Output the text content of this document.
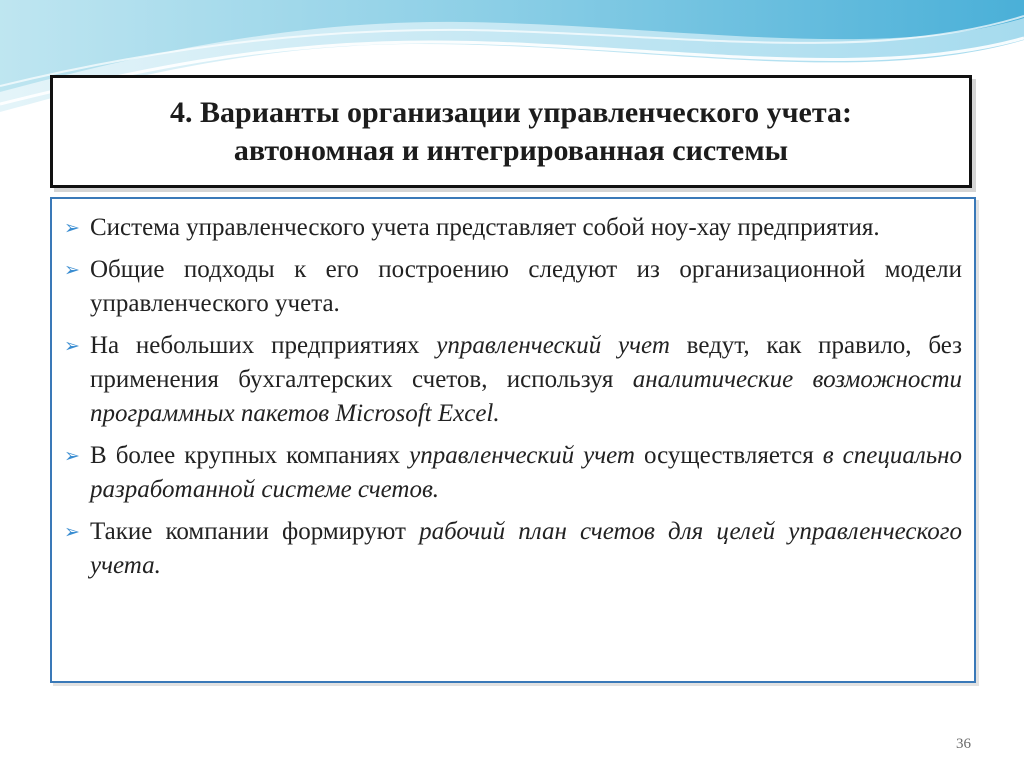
4. Варианты организации управленческого учета:
автономная и интегрированная системы
➢ Система управленческого учета представляет собой ноу-хау предприятия.
➢ Общие подходы к его построению следуют из организационной модели управленческого учета.
➢ На небольших предприятиях управленческий учет ведут, как правило, без применения бухгалтерских счетов, используя аналитические возможности программных пакетов Microsoft Excel.
➢ В более крупных компаниях управленческий учет осуществляется в специально разработанной системе счетов.
➢ Такие компании формируют рабочий план счетов для целей управленческого учета.
36
